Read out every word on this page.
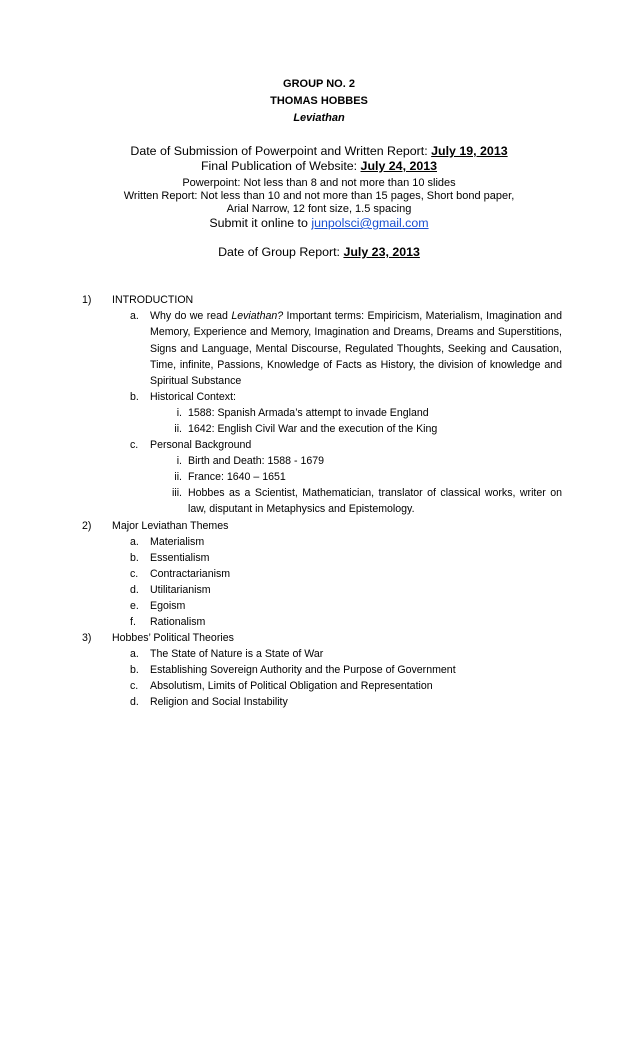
GROUP NO. 2
THOMAS HOBBES
Leviathan
Date of Submission of Powerpoint and Written Report: July 19, 2013
Final Publication of Website: July 24, 2013
Powerpoint: Not less than 8 and not more than 10 slides
Written Report: Not less than 10 and not more than 15 pages, Short bond paper,
Arial Narrow, 12 font size, 1.5 spacing
Submit it online to junpolsci@gmail.com
Date of Group Report: July 23, 2013
1) INTRODUCTION
a. Why do we read Leviathan? Important terms: Empiricism, Materialism, Imagination and Memory, Experience and Memory, Imagination and Dreams, Dreams and Superstitions, Signs and Language, Mental Discourse, Regulated Thoughts, Seeking and Causation, Time, infinite, Passions, Knowledge of Facts as History, the division of knowledge and Spiritual Substance
b. Historical Context:
i. 1588: Spanish Armada’s attempt to invade England
ii. 1642: English Civil War and the execution of the King
c. Personal Background
i. Birth and Death: 1588 - 1679
ii. France: 1640 – 1651
iii. Hobbes as a Scientist, Mathematician, translator of classical works, writer on law, disputant in Metaphysics and Epistemology.
2) Major Leviathan Themes
a. Materialism
b. Essentialism
c. Contractarianism
d. Utilitarianism
e. Egoism
f. Rationalism
3) Hobbes’ Political Theories
a. The State of Nature is a State of War
b. Establishing Sovereign Authority and the Purpose of Government
c. Absolutism, Limits of Political Obligation and Representation
d. Religion and Social Instability
